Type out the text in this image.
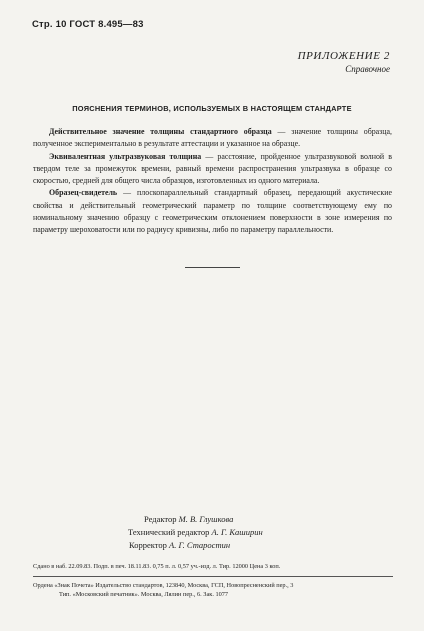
Стр. 10 ГОСТ 8.495—83
ПРИЛОЖЕНИЕ 2
Справочное
ПОЯСНЕНИЯ ТЕРМИНОВ, ИСПОЛЬЗУЕМЫХ В НАСТОЯЩЕМ СТАНДАРТЕ

Действительное значение толщины стандартного образца — значение толщины образца, полученное экспериментально в результате аттестации и указанное на образце.

Эквивалентная ультразвуковая толщина — расстояние, пройденное ультразвуковой волной в твердом теле за промежуток времени, равный времени распространения ультразвука в образце со скоростью, средней для общего числа образцов, изготовленных из одного материала.

Образец-свидетель — плоскопараллельный стандартный образец, передающий акустические свойства и действительный геометрический параметр по толщине соответствующему ему по номинальному значению образцу с геометрическим отклонением поверхности в зоне измерения по параметру шероховатости или по радиусу кривизны, либо по параметру параллельности.

Редактор М. В. Глушкова
Технический редактор А. Г. Каширин
Корректор А. Г. Старостин
Сдано в наб. 22.09.83. Подп. в печ. 18.11.83. 0,75 п. л. 0,57 уч.-изд. л. Тир. 12000 Цена 3 коп.
Ордена «Знак Почета» Издательство стандартов, 123840, Москва, ГСП, Новопресненский пер., 3
Тип. «Московский печатник». Москва, Лялин пер., 6. Зак. 1077
